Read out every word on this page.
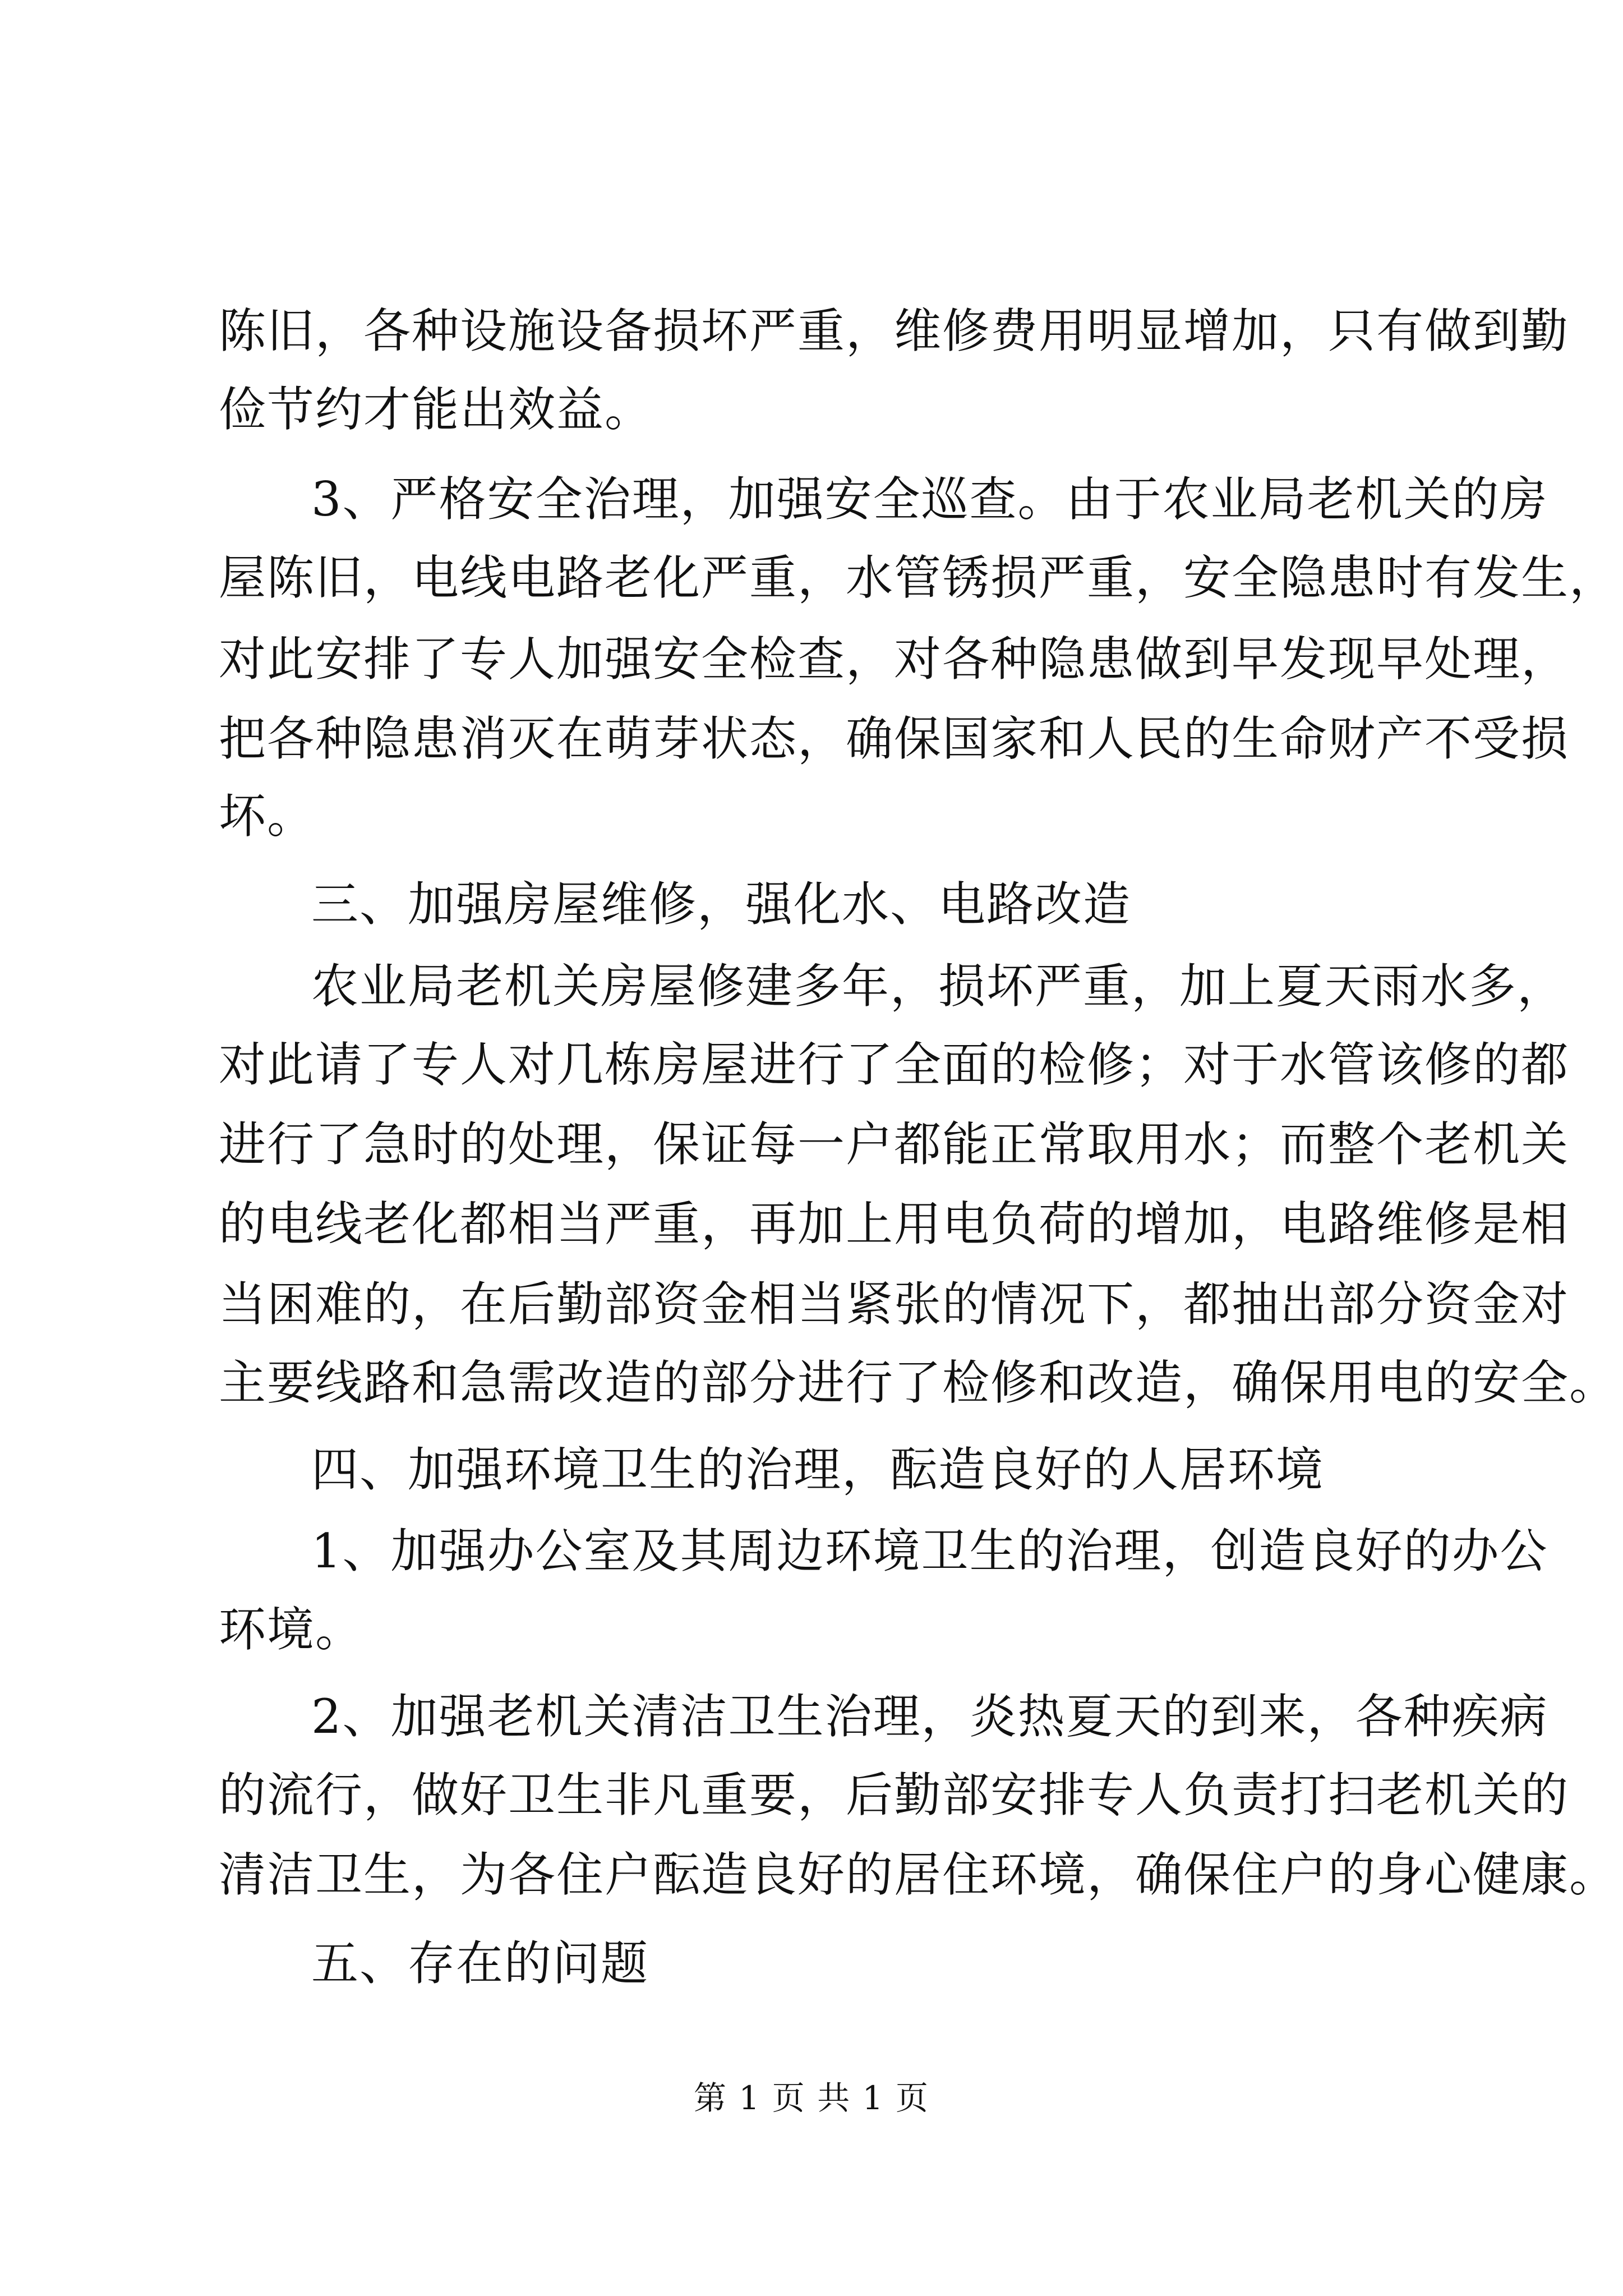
陈旧，各种设施设备损坏严重，维修费用明显增加，只有做到勤
俭节约才能出效益。
3、严格安全治理，加强安全巡查。由于农业局老机关的房
屋陈旧，电线电路老化严重，水管锈损严重，安全隐患时有发生，
对此安排了专人加强安全检查，对各种隐患做到早发现早处理，
把各种隐患消灭在萌芽状态，确保国家和人民的生命财产不受损
坏。
三、加强房屋维修，强化水、电路改造
农业局老机关房屋修建多年，损坏严重，加上夏天雨水多，
对此请了专人对几栋房屋进行了全面的检修；对于水管该修的都
进行了急时的处理，保证每一户都能正常取用水；而整个老机关
的电线老化都相当严重，再加上用电负荷的增加，电路维修是相
当困难的，在后勤部资金相当紧张的情况下，都抽出部分资金对
主要线路和急需改造的部分进行了检修和改造，确保用电的安全。
四、加强环境卫生的治理，酝造良好的人居环境
1、加强办公室及其周边环境卫生的治理，创造良好的办公
环境。
2、加强老机关清洁卫生治理，炎热夏天的到来，各种疾病
的流行，做好卫生非凡重要，后勤部安排专人负责打扫老机关的
清洁卫生，为各住户酝造良好的居住环境，确保住户的身心健康。
五、存在的问题
第 1 页 共 1 页
